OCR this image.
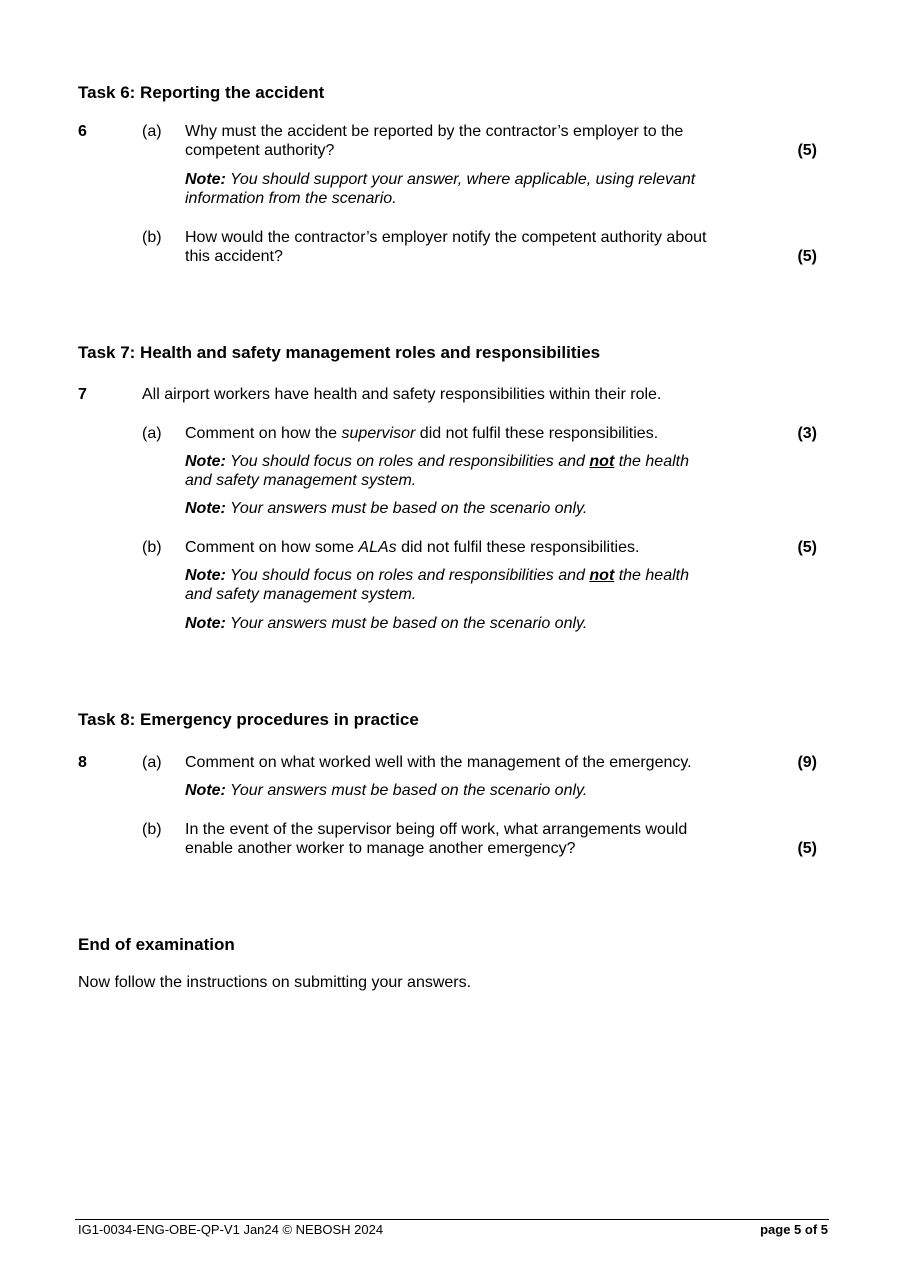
Task 6: Reporting the accident
6	(a) Why must the accident be reported by the contractor’s employer to the
competent authority?	(5)
Note: You should support your answer, where applicable, using relevant
information from the scenario.
(b) How would the contractor’s employer notify the competent authority about
this accident?	(5)
Task 7: Health and safety management roles and responsibilities
7	All airport workers have health and safety responsibilities within their role.
(a) Comment on how the supervisor did not fulfil these responsibilities.	(3)
Note: You should focus on roles and responsibilities and not the health
and safety management system.
Note: Your answers must be based on the scenario only.
(b) Comment on how some ALAs did not fulfil these responsibilities.	(5)
Note: You should focus on roles and responsibilities and not the health
and safety management system.
Note: Your answers must be based on the scenario only.
Task 8: Emergency procedures in practice
8	(a) Comment on what worked well with the management of the emergency.	(9)
Note: Your answers must be based on the scenario only.
(b) In the event of the supervisor being off work, what arrangements would
enable another worker to manage another emergency?	(5)
End of examination
Now follow the instructions on submitting your answers.
IG1-0034-ENG-OBE-QP-V1 Jan24 © NEBOSH 2024	page 5 of 5
